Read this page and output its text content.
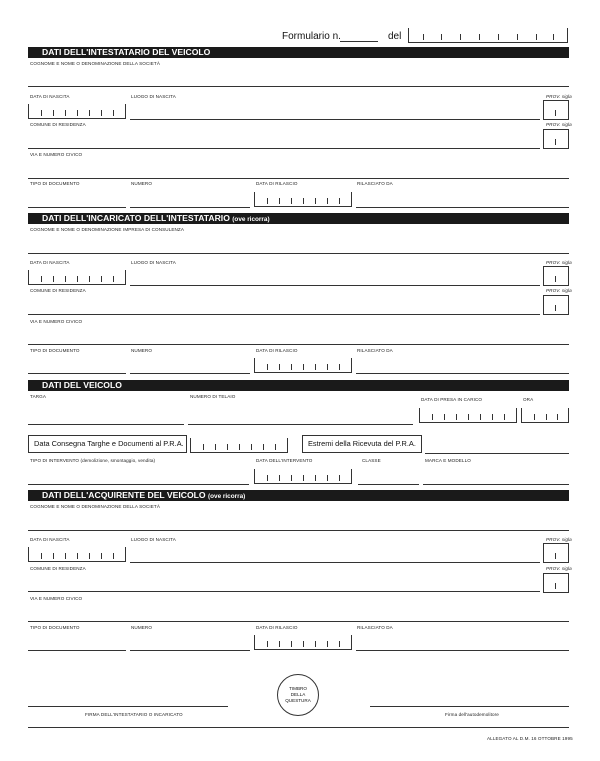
Formulario n.	del
DATI DELL'INTESTATARIO DEL VEICOLO
COGNOME E NOME O DENOMINAZIONE DELLA SOCIETÀ
DATA DI NASCITA	LUOGO DI NASCITA	PROV. sigla
COMUNE DI RESIDENZA	PROV. sigla
VIA E NUMERO CIVICO
TIPO DI DOCUMENTO	NUMERO	DATA DI RILASCIO	RILASCIATO DA
DATI DELL'INCARICATO DELL'INTESTATARIO (ove ricorra)
COGNOME E NOME O DENOMINAZIONE IMPRESA DI CONSULENZA
DATA DI NASCITA	LUOGO DI NASCITA	PROV. sigla
COMUNE DI RESIDENZA	PROV. sigla
VIA E NUMERO CIVICO
TIPO DI DOCUMENTO	NUMERO	DATA DI RILASCIO	RILASCIATO DA
DATI DEL VEICOLO
TARGA	NUMERO DI TELAIO
DATA DI PRESA IN CARICO	ORA
Data Consegna Targhe e Documenti al P.R.A.	Estremi della Ricevuta del P.R.A.
TIPO DI INTERVENTO (demolizione, smontaggio, vendita)	DATA DELL'INTERVENTO	CLASSE	MARCA E MODELLO
DATI DELL'ACQUIRENTE DEL VEICOLO (ove ricorra)
COGNOME E NOME O DENOMINAZIONE DELLA SOCIETÀ
DATA DI NASCITA	LUOGO DI NASCITA	PROV. sigla
COMUNE DI RESIDENZA	PROV. sigla
VIA E NUMERO CIVICO
TIPO DI DOCUMENTO	NUMERO	DATA DI RILASCIO	RILASCIATO DA
TIMBRO
DELLA
QUESTURA
FIRMA DELL'INTESTATARIO O INCARICATO	Firma dell'autodemolitore
ALLEGATO AL D.M. 16 OTTOBRE 1995
